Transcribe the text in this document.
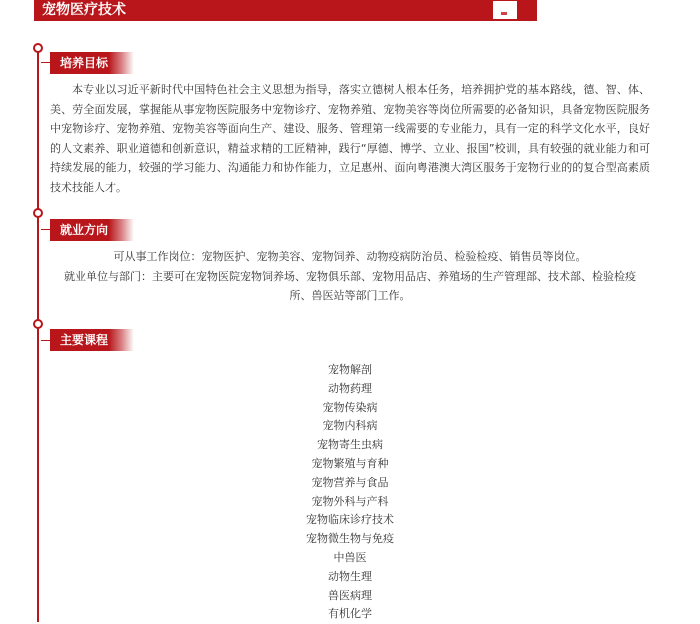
宠物医疗技术
培养目标
本专业以习近平新时代中国特色社会主义思想为指导，落实立德树人根本任务，培养拥护党的基本路线，德、智、体、美、劳全面发展，掌握能从事宠物医院服务中宠物诊疗、宠物养殖、宠物美容等岗位所需要的必备知识，具备宠物医院服务中宠物诊疗、宠物养殖、宠物美容等面向生产、建设、服务、管理第一线需要的专业能力，具有一定的科学文化水平，良好的人文素养、职业道德和创新意识，精益求精的工匠精神，践行“厚德、博学、立业、报国”校训，具有较强的就业能力和可持续发展的能力，较强的学习能力、沟通能力和协作能力，立足惠州、面向粤港澳大湾区服务于宠物行业的的复合型高素质技术技能人才。
就业方向
可从事工作岗位：宠物医护、宠物美容、宠物饲养、动物疫病防治员、检验检疫、销售员等岗位。
就业单位与部门：主要可在宠物医院宠物饲养场、宠物俱乐部、宠物用品店、养殖场的生产管理部、技术部、检验检疫所、兽医站等部门工作。
主要课程
宠物解剖
动物药理
宠物传染病
宠物内科病
宠物寄生虫病
宠物繁殖与育种
宠物营养与食品
宠物外科与产科
宠物临床诊疗技术
宠物微生物与免疫
中兽医
动物生理
兽医病理
有机化学
